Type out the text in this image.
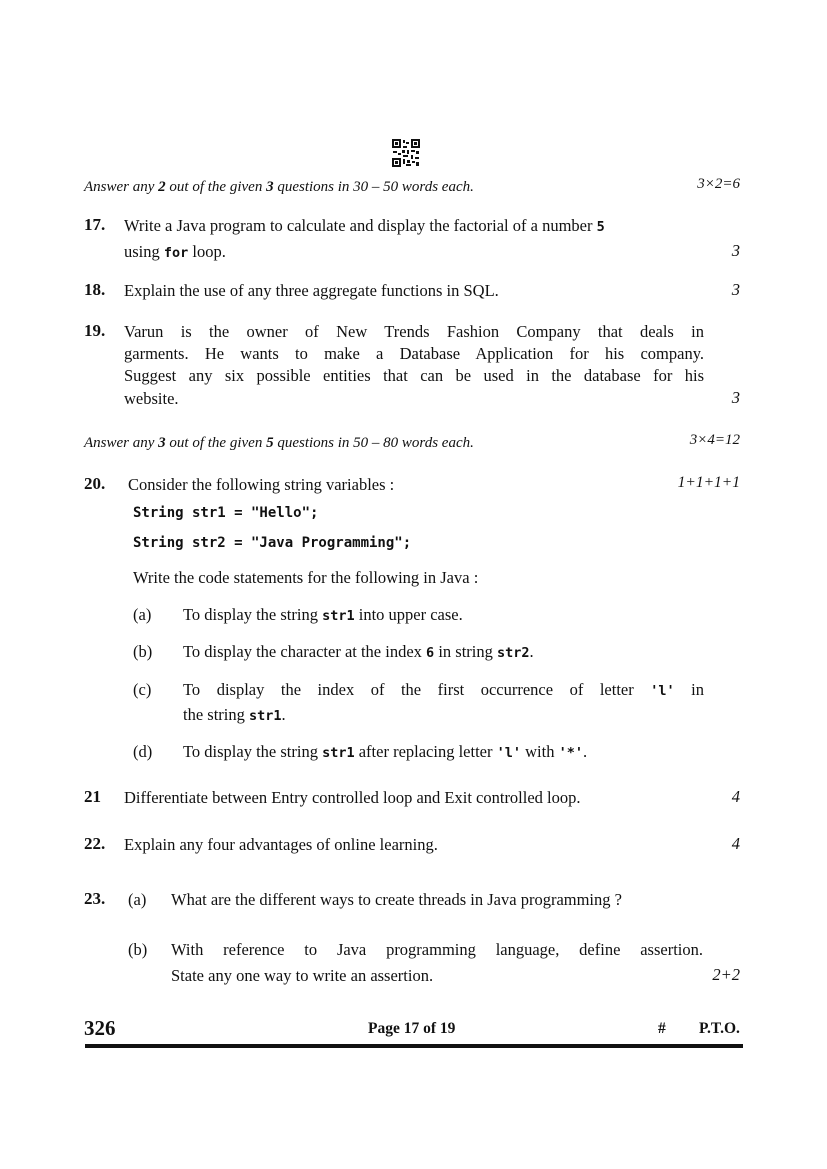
Answer any 2 out of the given 3 questions in 30 – 50 words each.	3×2=6
17. Write a Java program to calculate and display the factorial of a number 5
using for loop.	3
18. Explain the use of any three aggregate functions in SQL.	3
19. Varun is the owner of New Trends Fashion Company that deals in
garments. He wants to make a Database Application for his company.
Suggest any six possible entities that can be used in the database for his
website.	3
Answer any 3 out of the given 5 questions in 50 – 80 words each.	3×4=12
20. Consider the following string variables :	1+1+1+1
String str1 = "Hello";
String str2 = "Java Programming";
Write the code statements for the following in Java :
(a) To display the string str1 into upper case.
(b) To display the character at the index 6 in string str2.
(c) To display the index of the first occurrence of letter 'l' in
the string str1.
(d) To display the string str1 after replacing letter 'l' with '*'.
21 Differentiate between Entry controlled loop and Exit controlled loop.	4
22. Explain any four advantages of online learning.	4
23. (a) What are the different ways to create threads in Java programming ?
(b) With reference to Java programming language, define assertion.
State any one way to write an assertion.	2+2
326	Page 17 of 19	# P.T.O.
